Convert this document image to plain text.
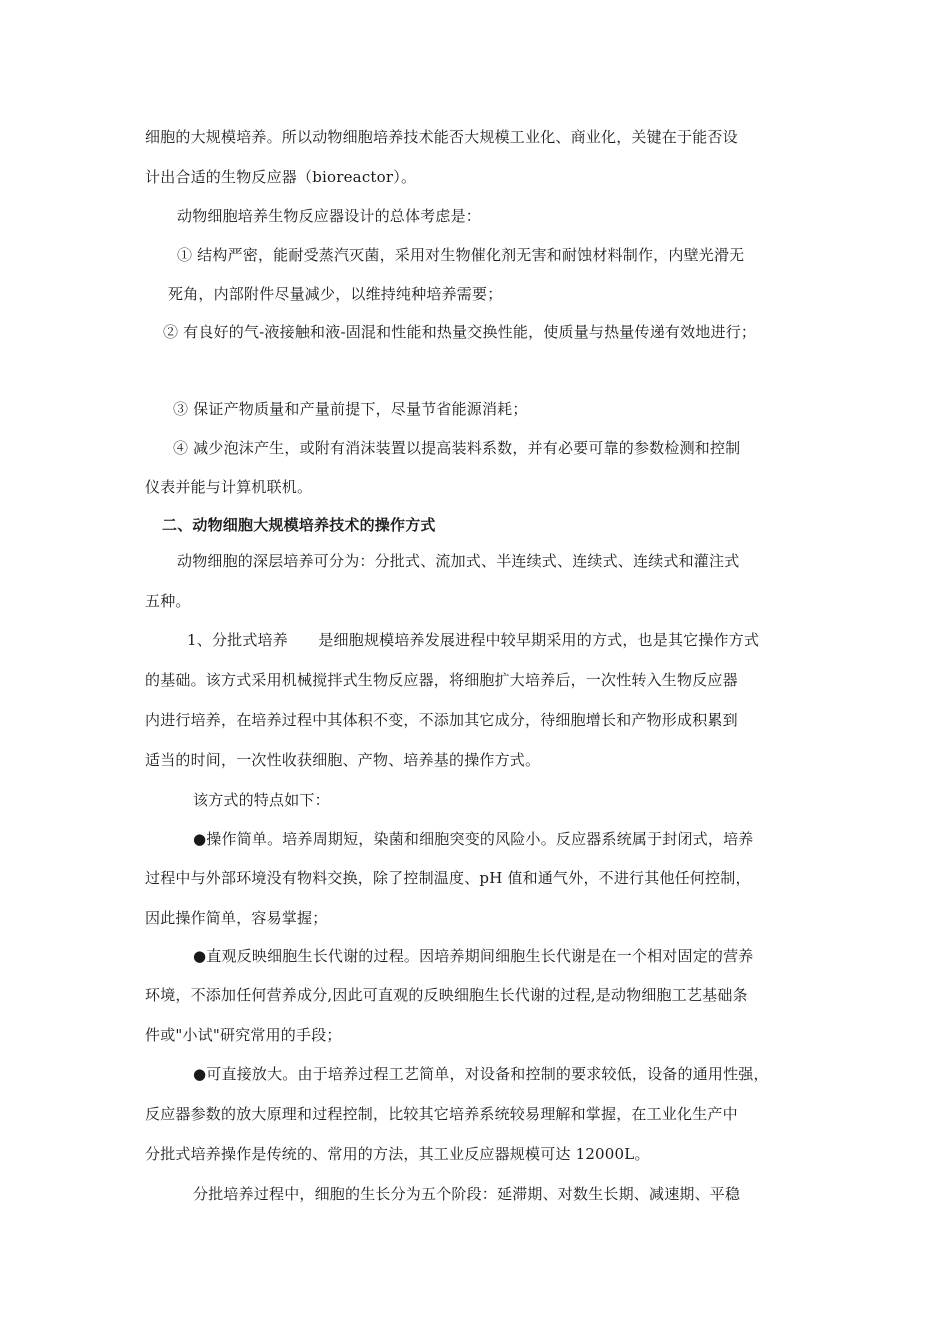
细胞的大规模培养。所以动物细胞培养技术能否大规模工业化、商业化，关键在于能否设
计出合适的生物反应器（bioreactor）。
动物细胞培养生物反应器设计的总体考虑是：
① 结构严密，能耐受蒸汽灭菌，采用对生物催化剂无害和耐蚀材料制作，内壁光滑无
死角，内部附件尽量减少，以维持纯种培养需要；
② 有良好的气-液接触和液-固混和性能和热量交换性能，使质量与热量传递有效地进行；
③ 保证产物质量和产量前提下，尽量节省能源消耗；
④ 减少泡沫产生，或附有消沫装置以提高装料系数，并有必要可靠的参数检测和控制
仪表并能与计算机联机。
二、动物细胞大规模培养技术的操作方式
动物细胞的深层培养可分为：分批式、流加式、半连续式、连续式、连续式和灌注式
五种。
1、分批式培养　　是细胞规模培养发展进程中较早期采用的方式，也是其它操作方式
的基础。该方式采用机械搅拌式生物反应器，将细胞扩大培养后，一次性转入生物反应器
内进行培养，在培养过程中其体积不变，不添加其它成分，待细胞增长和产物形成积累到
适当的时间，一次性收获细胞、产物、培养基的操作方式。
该方式的特点如下：
●操作简单。培养周期短，染菌和细胞突变的风险小。反应器系统属于封闭式，培养
过程中与外部环境没有物料交换，除了控制温度、pH 值和通气外，不进行其他任何控制，
因此操作简单，容易掌握；
●直观反映细胞生长代谢的过程。因培养期间细胞生长代谢是在一个相对固定的营养
环境，不添加任何营养成分,因此可直观的反映细胞生长代谢的过程,是动物细胞工艺基础条
件或"小试"研究常用的手段；
●可直接放大。由于培养过程工艺简单，对设备和控制的要求较低，设备的通用性强，
反应器参数的放大原理和过程控制，比较其它培养系统较易理解和掌握，在工业化生产中
分批式培养操作是传统的、常用的方法，其工业反应器规模可达 12000L。
分批培养过程中，细胞的生长分为五个阶段：延滞期、对数生长期、减速期、平稳
